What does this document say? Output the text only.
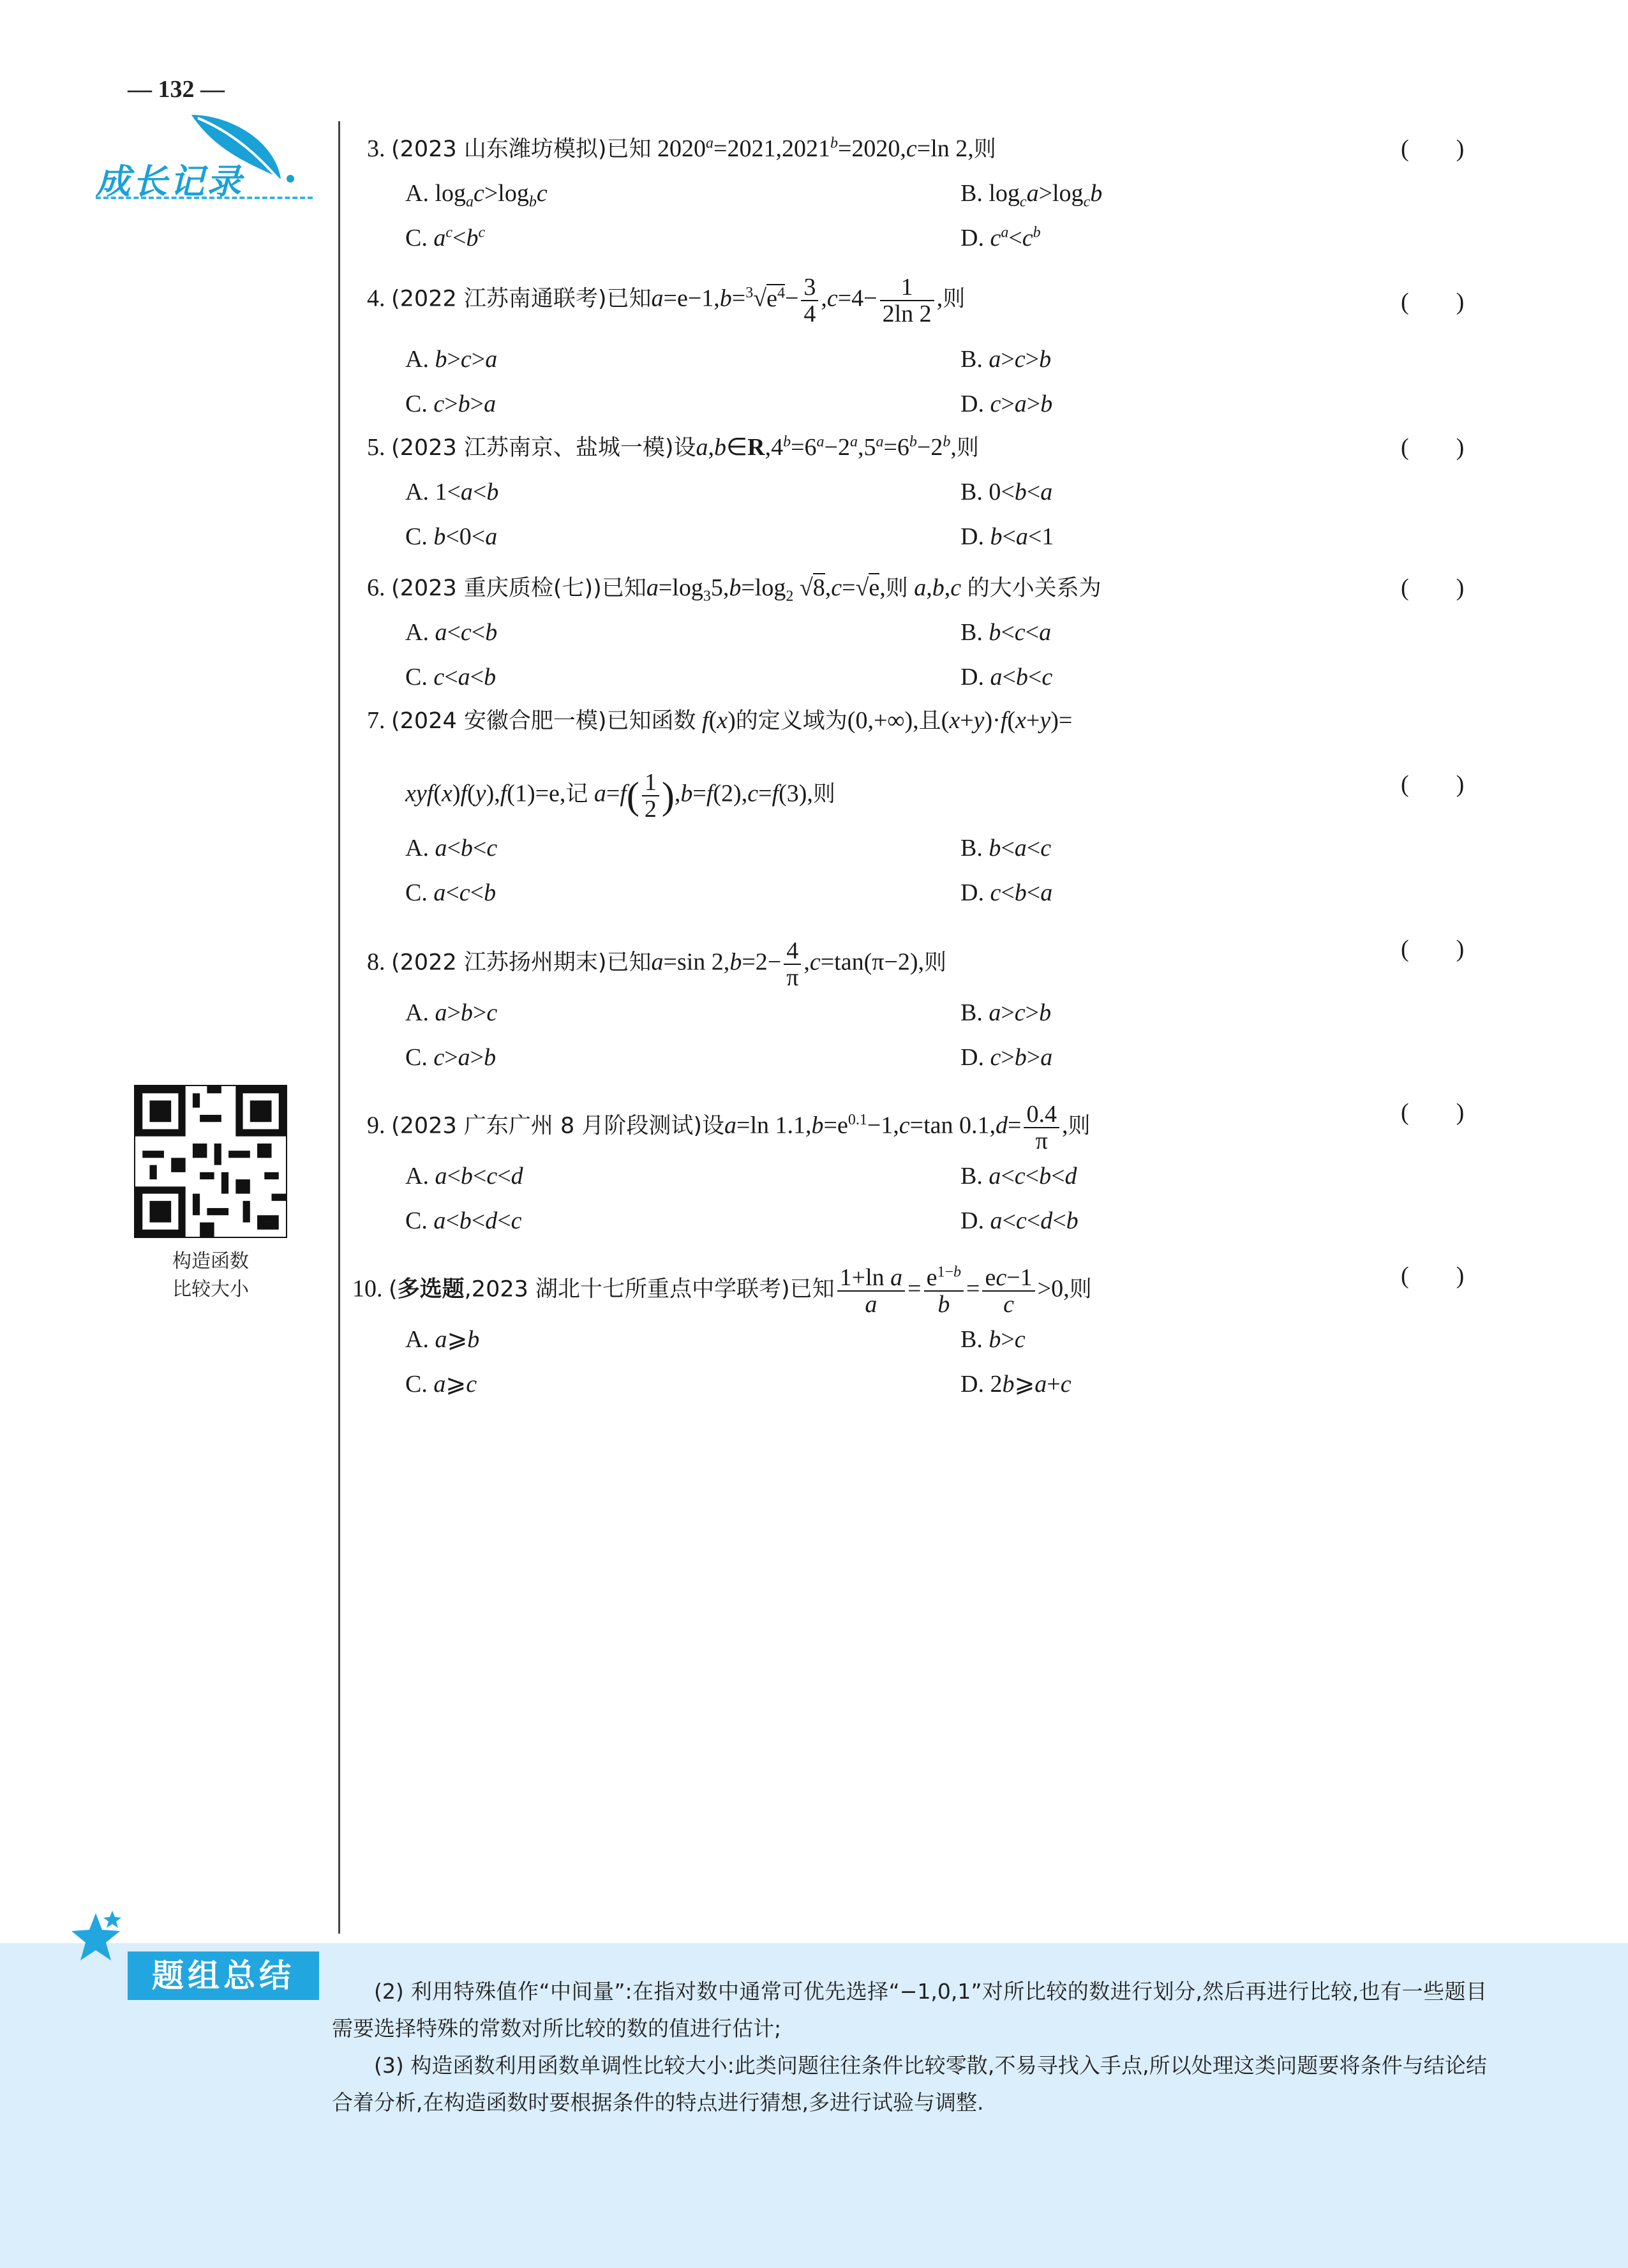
— 132 —
成长记录
构造函数
比较大小
3. (2023 山东潍坊模拟)已知 $2020^a=2021,2021^b=2020,c=\ln$ 2,则	(　)
A. $\log_ac>\log_bc$	B. $\log_ca>\log_cb$
C. $a^c<b^c$	D. $c^a<c^b$
4. (2022 江苏南通联考)已知$a=e-1,b=^3√e^4- \frac{3}{4} ,c=4- \frac{1}{2\ln 2}$ ,则	(　)
A. b>c>a	B. a>c>b
C. c>b>a	D. c>a>b
5. (2023 江苏南京、盐城一模)设$a,b\in R,4^b=6^a-2^a,5^a=6^b-2^b$,则	(　)
A. 1<a<b	B. 0<b<a
C. b<0<a	D. b<a<1
6. (2023 重庆质检(七))已知$a=\log_35,b=\log_2$ √8,c=√e,则 a,b,c 的大小关系为	(　)
A. a<c<b	B. b<c<a
C. c<a<b	D. a<b<c
7. (2024 安徽合肥一模)已知函数 f(x)的定义域为(0,+∞),且(x+y)·f(x+y)=
xyf(x)f(y),f(1)=e,记 $a=f( \frac{1}{2} ),b=f(2),c=f(3)$,则	(　)
A. a<b<c	B. b<a<c
C. a<c<b	D. c<b<a
8. (2022 江苏扬州期末)已知a=sin $2,b=2- \frac{4}{\pi} ,c=\tan(\pi-2)$,则
(　)
A. a>b>c	B. a>c>b
C. c>a>b	D. c>b>a
9. (2023 广东广州 8 月阶段测试)设a=ln $1.1,b=e^{0.1}-1,c=\tan$ $0.1,d= \frac{0.4}{\pi}$ ,则
(　)
A. a<b<c<d	B. a<c<b<d
C. a<b<d<c	D. a<c<d<b
10. (多选题,2023 湖北十七所重点中学联考)已知 $\frac{\text{1+ln a}}{a} = \frac{e^{1-b}}{b} = \frac{ec-1}{c} >0$,则
(　)
A. a⩾b	B. b>c
C. a⩾c	D. 2b⩾a+c
题组总结	(2) 利用特殊值作“中间量”:在指对数中通常可优先选择“−1,0,1”对所比较的数进行划分,然后再进行比较,也有一些题目需要选择特殊的常数对所比较的数的值进行估计;

(3) 构造函数利用函数单调性比较大小:此类问题往往条件比较零散,不易寻找入手点,所以处理这类问题要将条件与结论结合着分析,在构造函数时要根据条件的特点进行猜想,多进行试验与调整.
